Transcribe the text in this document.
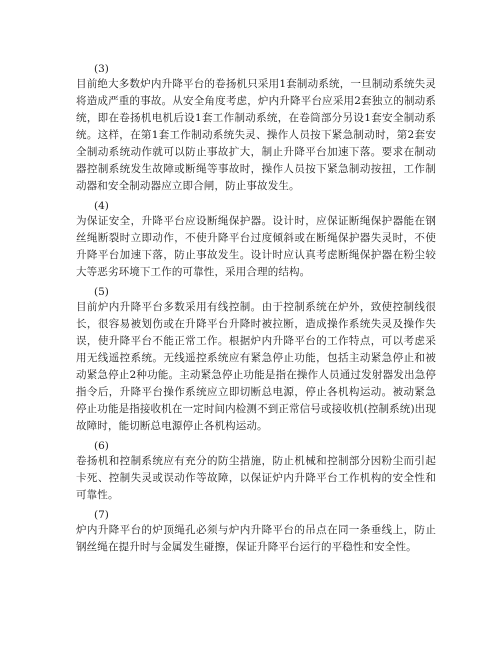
(3)

目前绝大多数炉内升降平台的卷扬机只采用1套制动系统，一旦制动系统失灵将造成严重的事故。从安全角度考虑，炉内升降平台应采用2套独立的制动系统，即在卷扬机电机后设1套工作制动系统，在卷筒部分另设1套安全制动系统。这样，在第1套工作制动系统失灵、操作人员按下紧急制动时，第2套安全制动系统动作就可以防止事故扩大，制止升降平台加速下落。要求在制动器控制系统发生故障或断绳等事故时，操作人员按下紧急制动按扭，工作制动器和安全制动器应立即合闸，防止事故发生。

(4)

为保证安全，升降平台应设断绳保护器。设计时，应保证断绳保护器能在钢丝绳断裂时立即动作，不使升降平台过度倾斜或在断绳保护器失灵时，不使升降平台加速下落，防止事故发生。设计时应认真考虑断绳保护器在粉尘较大等恶劣环境下工作的可靠性，采用合理的结构。

(5)

目前炉内升降平台多数采用有线控制。由于控制系统在炉外，致使控制线很长，很容易被划伤或在升降平台升降时被拉断，造成操作系统失灵及操作失误，使升降平台不能正常工作。根据炉内升降平台的工作特点，可以考虑采用无线遥控系统。无线遥控系统应有紧急停止功能，包括主动紧急停止和被动紧急停止2种功能。主动紧急停止功能是指在操作人员通过发射器发出急停指令后，升降平台操作系统应立即切断总电源，停止各机构运动。被动紧急停止功能是指接收机在一定时间内检测不到正常信号或接收机(控制系统)出现故障时，能切断总电源停止各机构运动。

(6)

卷扬机和控制系统应有充分的防尘措施，防止机械和控制部分因粉尘而引起卡死、控制失灵或误动作等故障，以保证炉内升降平台工作机构的安全性和可靠性。

(7)

炉内升降平台的炉顶绳孔必须与炉内升降平台的吊点在同一条垂线上，防止钢丝绳在提升时与金属发生碰擦，保证升降平台运行的平稳性和安全性。
